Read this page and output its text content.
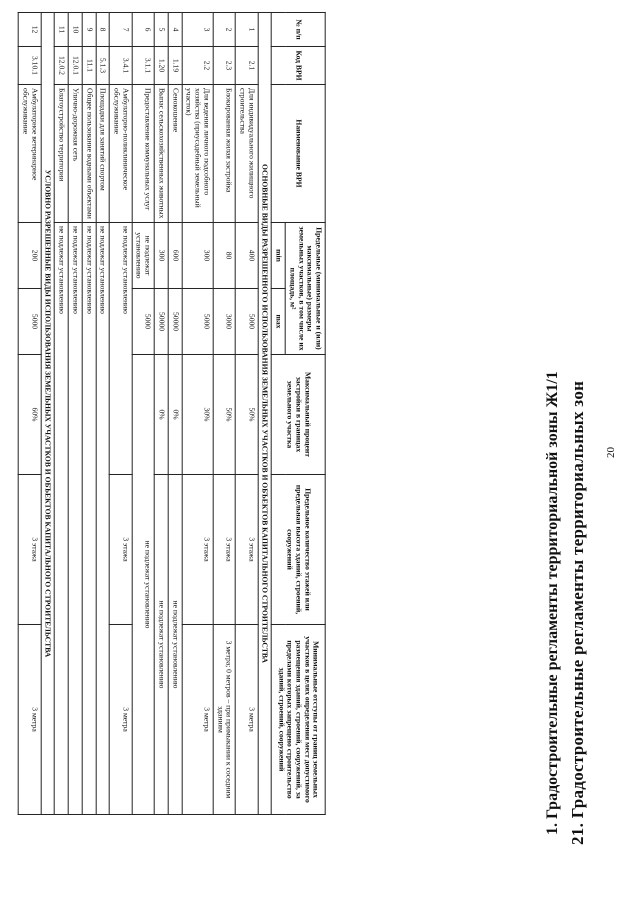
20
21. Градостроительные регламенты территориальных зон
1. Градостроительные регламенты территориальной зоны Ж1/1
№ п/п	Код ВРИ	Наименование ВРИ	Предельные (минимальные и (или) максимальные) размеры земельных участков, в том числе их площадь, м²		Максимальный процент застройки в границах земельного участка	Предельное количество этажей или предельная высота зданий, строений, сооружений	Минимальные отступы от границ земельных участков в целях определения мест допустимого размещения зданий, строений, сооружений, за пределами которых запрещено строительство зданий, строений, сооружений
			min	max			
ОСНОВНЫЕ ВИДЫ РАЗРЕШЕННОГО ИСПОЛЬЗОВАНИЯ ЗЕМЕЛЬНЫХ УЧАСТКОВ И ОБЪЕКТОВ КАПИТАЛЬНОГО СТРОИТЕЛЬСТВА							
1	2.1	Для индивидуального жилищного строительства	400	5000	50%	3 этажа	3 метра
2	2.3	Блокированная жилая застройка	80	3000	50%	3 этажа	3 метра; 0 метров – при примыкании к соседним зданиям
3	2.2	Для ведения личного подсобного хозяйства (приусадебный земельный участок)	300	5000	30%	3 этажа	3 метра
4	1.19	Сенокошение	600	50000	0%	не подлежат установлению	
5	1.20	Выпас сельскохозяйственных животных	300	50000	0%	не подлежат установлению	
6	3.1.1	Предоставление коммунальных услуг	не подлежат установлению	5000	не подлежат установлению		
7	3.4.1	Амбулаторно-поликлиническое обслуживание	не подлежат установлению			3 этажа	3 метра
8	5.1.3	Площадки для занятий спортом	не подлежат установлению				
9	11.1	Общее пользование водными объектами	не подлежат установлению				
10	12.0.1	Улично-дорожная сеть	не подлежат установлению				
11	12.0.2	Благоустройство территории	не подлежат установлению				
УСЛОВНО РАЗРЕШЕННЫЕ ВИДЫ ИСПОЛЬЗОВАНИЯ ЗЕМЕЛЬНЫХ УЧАСТКОВ И ОБЪЕКТОВ КАПИТАЛЬНОГО СТРОИТЕЛЬСТВА							
12	3.10.1	Амбулаторное ветеринарное обслуживание	200	5000	60%	3 этажа	3 метра
